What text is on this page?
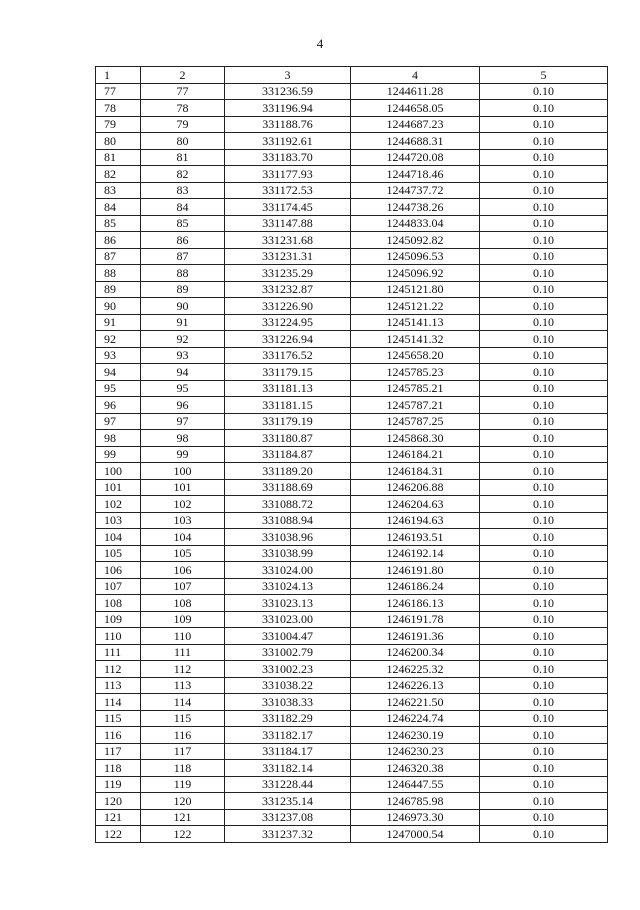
4
1	2	3	4	5
77	77	331236.59	1244611.28	0.10
78	78	331196.94	1244658.05	0.10
79	79	331188.76	1244687.23	0.10
80	80	331192.61	1244688.31	0.10
81	81	331183.70	1244720.08	0.10
82	82	331177.93	1244718.46	0.10
83	83	331172.53	1244737.72	0.10
84	84	331174.45	1244738.26	0.10
85	85	331147.88	1244833.04	0.10
86	86	331231.68	1245092.82	0.10
87	87	331231.31	1245096.53	0.10
88	88	331235.29	1245096.92	0.10
89	89	331232.87	1245121.80	0.10
90	90	331226.90	1245121.22	0.10
91	91	331224.95	1245141.13	0.10
92	92	331226.94	1245141.32	0.10
93	93	331176.52	1245658.20	0.10
94	94	331179.15	1245785.23	0.10
95	95	331181.13	1245785.21	0.10
96	96	331181.15	1245787.21	0.10
97	97	331179.19	1245787.25	0.10
98	98	331180.87	1245868.30	0.10
99	99	331184.87	1246184.21	0.10
100	100	331189.20	1246184.31	0.10
101	101	331188.69	1246206.88	0.10
102	102	331088.72	1246204.63	0.10
103	103	331088.94	1246194.63	0.10
104	104	331038.96	1246193.51	0.10
105	105	331038.99	1246192.14	0.10
106	106	331024.00	1246191.80	0.10
107	107	331024.13	1246186.24	0.10
108	108	331023.13	1246186.13	0.10
109	109	331023.00	1246191.78	0.10
110	110	331004.47	1246191.36	0.10
111	111	331002.79	1246200.34	0.10
112	112	331002.23	1246225.32	0.10
113	113	331038.22	1246226.13	0.10
114	114	331038.33	1246221.50	0.10
115	115	331182.29	1246224.74	0.10
116	116	331182.17	1246230.19	0.10
117	117	331184.17	1246230.23	0.10
118	118	331182.14	1246320.38	0.10
119	119	331228.44	1246447.55	0.10
120	120	331235.14	1246785.98	0.10
121	121	331237.08	1246973.30	0.10
122	122	331237.32	1247000.54	0.10
